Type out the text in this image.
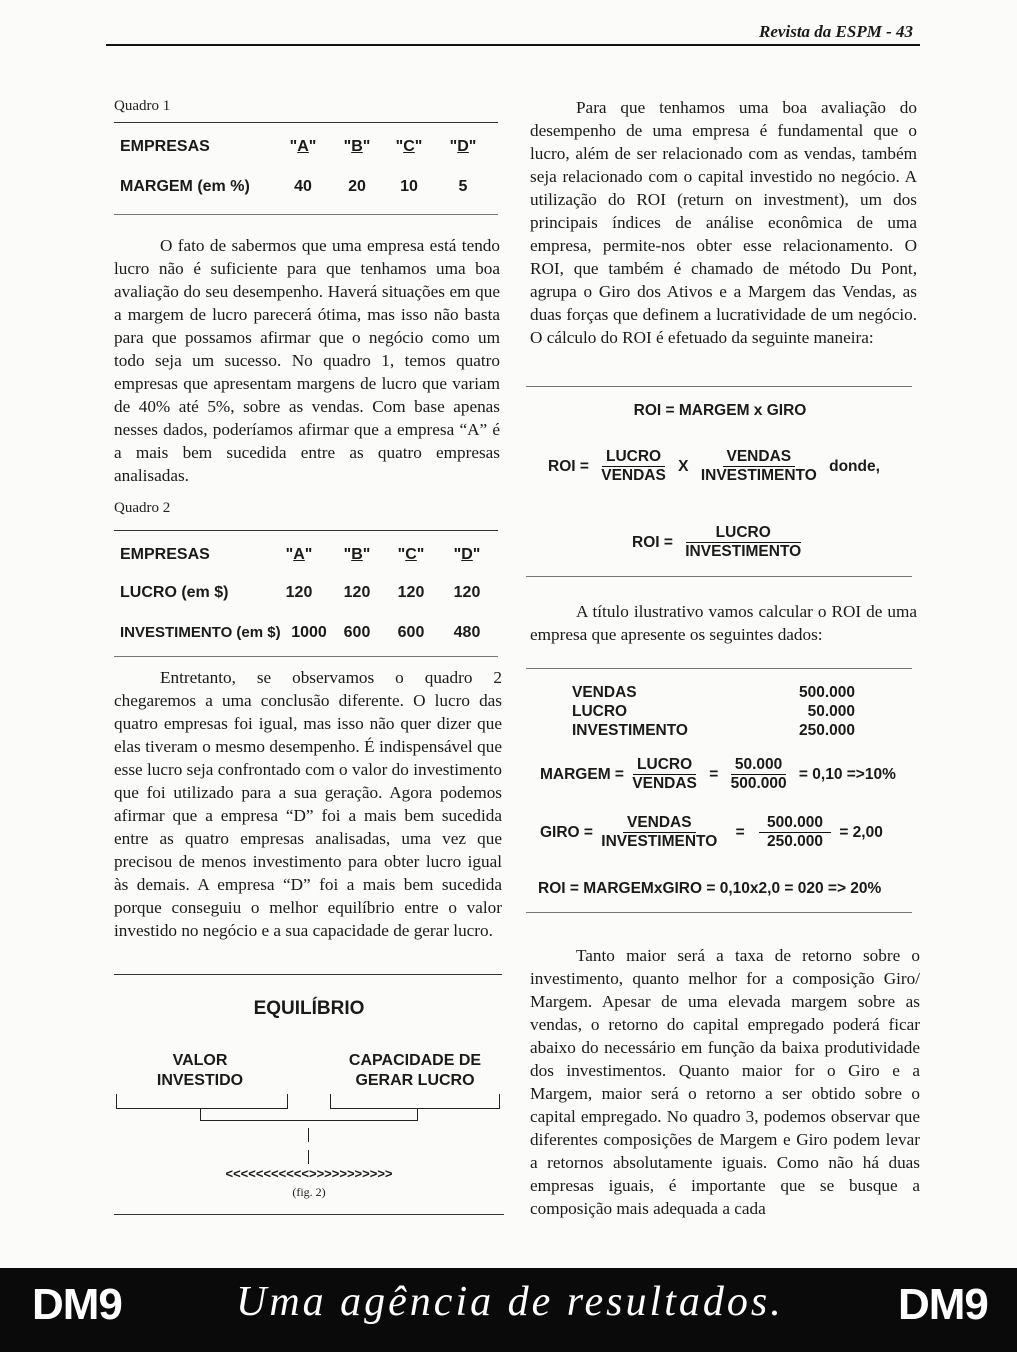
Revista da ESPM - 43
Quadro 1
EMPRESAS	"A"	"B"	"C"	"D"
MARGEM (em %)	40	20	10	5

O fato de sabermos que uma empresa está tendo lucro não é suficiente para que tenhamos uma boa avaliação do seu desempenho. Haverá situações em que a margem de lucro parecerá ótima, mas isso não basta para que possamos afirmar que o negócio como um todo seja um sucesso. No quadro 1, temos quatro empresas que apresentam margens de lucro que variam de 40% até 5%, sobre as vendas. Com base apenas nesses dados, poderíamos afirmar que a empresa “A” é a mais bem sucedida entre as quatro empresas analisadas.

Quadro 2
EMPRESAS	"A"	"B"	"C"	"D"
LUCRO (em $)	120	120	120	120
INVESTIMENTO (em $) 1000	600	600	480

Entretanto, se observamos o quadro 2 chegaremos a uma conclusão diferente. O lucro das quatro empresas foi igual, mas isso não quer dizer que elas tiveram o mesmo desempenho. É indispensável que esse lucro seja confrontado com o valor do investimento que foi utilizado para a sua geração. Agora podemos afirmar que a empresa “D” foi a mais bem sucedida entre as quatro empresas analisadas, uma vez que precisou de menos investimento para obter lucro igual às demais. A empresa “D” foi a mais bem sucedida porque conseguiu o melhor equilíbrio entre o valor investido no negócio e a sua capacidade de gerar lucro.

EQUILÍBRIO
VALOR
INVESTIDO
CAPACIDADE DE
GERAR LUCRO
<<<<<<<<<<<>>>>>>>>>>>
(fig. 2)

Para que tenhamos uma boa avaliação do desempenho de uma empresa é fundamental que o lucro, além de ser relacionado com as vendas, também seja relacionado com o capital investido no negócio. A utilização do ROI (return on investment), um dos principais índices de análise econômica de uma empresa, permite-nos obter esse relacionamento. O ROI, que também é chamado de método Du Pont, agrupa o Giro dos Ativos e a Margem das Vendas, as duas forças que definem a lucratividade de um negócio. O cálculo do ROI é efetuado da seguinte maneira:

ROI = MARGEM x GIRO
ROI = $\frac{\text{LUCRO}}{\text{VENDAS}}$ X $\frac{\text{VENDAS}}{\text{INVESTIMENTO}}$ donde,
ROI = $\frac{\text{LUCRO}}{\text{INVESTIMENTO}}$

A título ilustrativo vamos calcular o ROI de uma empresa que apresente os seguintes dados:

VENDAS	500.000
LUCRO	50.000
INVESTIMENTO	250.000
MARGEM = $\frac{\text{LUCRO}}{\text{VENDAS}} = \frac{50.000}{500.000} = 0,10 =>10\%$
GIRO = $\frac{\text{VENDAS}}{\text{INVESTIMENTO}} = \frac{500.000}{250.000} = 2,00$
ROI = MARGEMxGIRO = 0,10x2,0 = 020 => 20%

Tanto maior será a taxa de retorno sobre o investimento, quanto melhor for a composição Giro/ Margem. Apesar de uma elevada margem sobre as vendas, o retorno do capital empregado poderá ficar abaixo do necessário em função da baixa produtividade dos investimentos. Quanto maior for o Giro e a Margem, maior será o retorno a ser obtido sobre o capital empregado. No quadro 3, podemos observar que diferentes composições de Margem e Giro podem levar a retornos absolutamente iguais. Como não há duas empresas iguais, é importante que se busque a composição mais adequada a cada

DM9	Uma agência de resultados.	DM9
